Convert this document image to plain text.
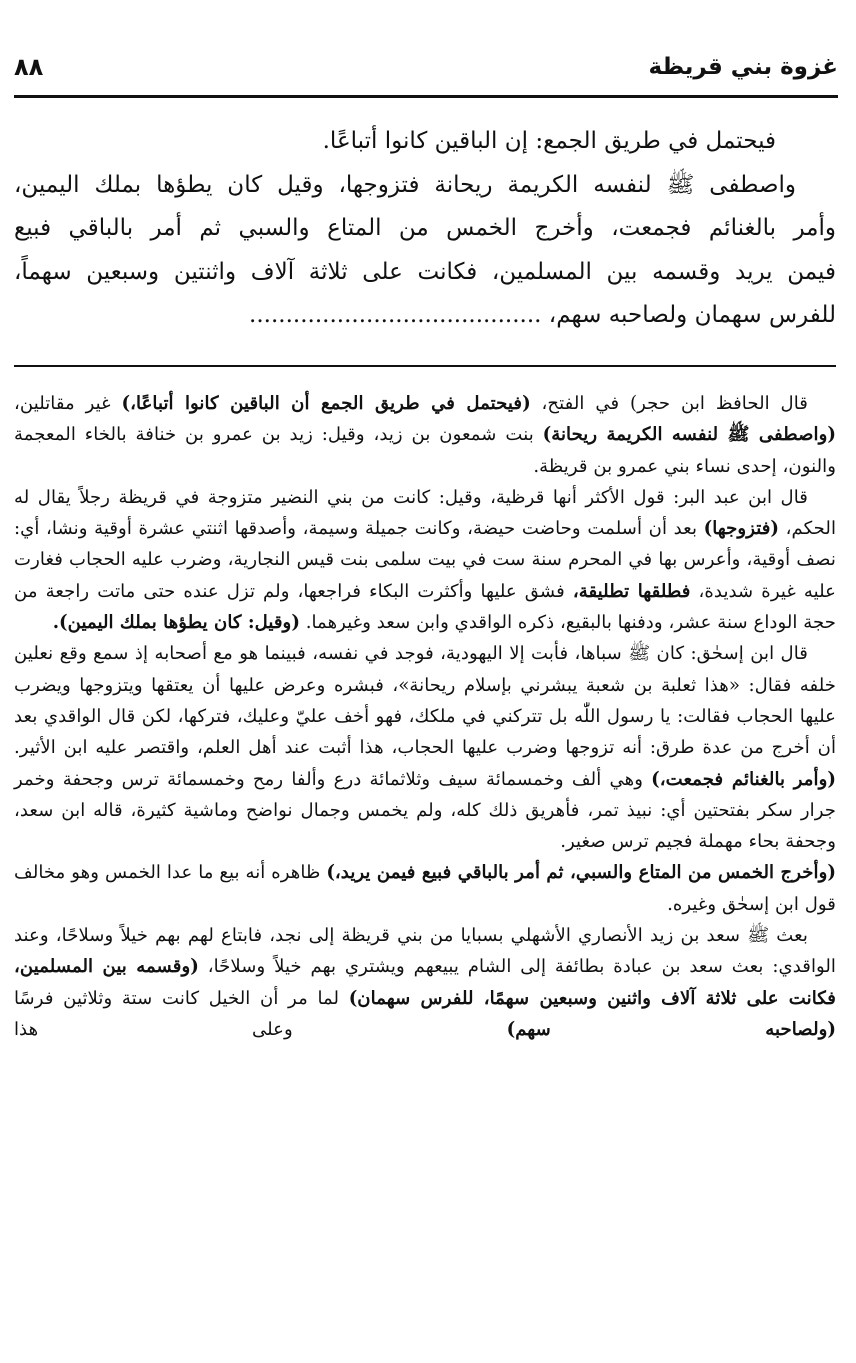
غزوة بني قريظة
٨٨

فيحتمل في طريق الجمع: إن الباقين كانوا أتباعًا.

واصطفى ﷺ لنفسه الكريمة ريحانة فتزوجها، وقيل كان يطؤها بملك اليمين،

وأمر بالغنائم فجمعت، وأخرج الخمس من المتاع والسبي ثم أمر بالباقي فبيع

فيمن يريد وقسمه بين المسلمين، فكانت على ثلاثة آلاف واثنتين وسبعين سهماً،

للفرس سهمان ولصاحبه سهم، ........................................

قال الحافظ ابن حجر) في الفتح، (فيحتمل في طريق الجمع أن الباقين كانوا أتباعًا،) غير مقاتلين، (واصطفى ﷺ لنفسه الكريمة ريحانة) بنت شمعون بن زيد، وقيل: زيد بن عمرو بن خنافة بالخاء المعجمة والنون، إحدى نساء بني عمرو بن قريظة.

قال ابن عبد البر: قول الأكثر أنها قرظية، وقيل: كانت من بني النضير متزوجة في قريظة رجلاً يقال له الحكم، (فتزوجها) بعد أن أسلمت وحاضت حيضة، وكانت جميلة وسيمة، وأصدقها اثنتي عشرة أوقية ونشا، أي: نصف أوقية، وأعرس بها في المحرم سنة ست في بيت سلمى بنت قيس النجارية، وضرب عليه الحجاب فغارت عليه غيرة شديدة، فطلقها تطليقة، فشق عليها وأكثرت البكاء فراجعها، ولم تزل عنده حتى ماتت راجعة من حجة الوداع سنة عشر، ودفنها بالبقيع، ذكره الواقدي وابن سعد وغيرهما. (وقيل: كان يطؤها بملك اليمين).

قال ابن إسحٰق: كان ﷺ سباها، فأبت إلا اليهودية، فوجد في نفسه، فبينما هو مع أصحابه إذ سمع وقع نعلين خلفه فقال: «هذا ثعلبة بن شعبة يبشرني بإسلام ريحانة»، فبشره وعرض عليها أن يعتقها ويتزوجها ويضرب عليها الحجاب فقالت: يا رسول اللّٰه بل تتركني في ملكك، فهو أخف عليّ وعليك، فتركها، لكن قال الواقدي بعد أن أخرج من عدة طرق: أنه تزوجها وضرب عليها الحجاب، هذا أثبت عند أهل العلم، واقتصر عليه ابن الأثير. (وأمر بالغنائم فجمعت،) وهي ألف وخمسمائة سيف وثلاثمائة درع وألفا رمح وخمسمائة ترس وجحفة وخمر جرار سكر بفتحتين أي: نبيذ تمر، فأهريق ذلك كله، ولم يخمس وجمال نواضح وماشية كثيرة، قاله ابن سعد، وجحفة بحاء مهملة فجيم ترس صغير.

(وأخرج الخمس من المتاع والسبي، ثم أمر بالباقي فبيع فيمن يريد،) ظاهره أنه بيع ما عدا الخمس وهو مخالف قول ابن إسحٰق وغيره.

بعث ﷺ سعد بن زيد الأنصاري الأشهلي بسبايا من بني قريظة إلى نجد، فابتاع لهم بهم خيلاً وسلاحًا، وعند الواقدي: بعث سعد بن عبادة بطائفة إلى الشام يبيعهم ويشتري بهم خيلاً وسلاحًا، (وقسمه بين المسلمين، فكانت على ثلاثة آلاف واثنين وسبعين سهمًا، للفرس سهمان) لما مر أن الخيل كانت ستة وثلاثين فرسًا (ولصاحبه سهم) وعلى هذا
